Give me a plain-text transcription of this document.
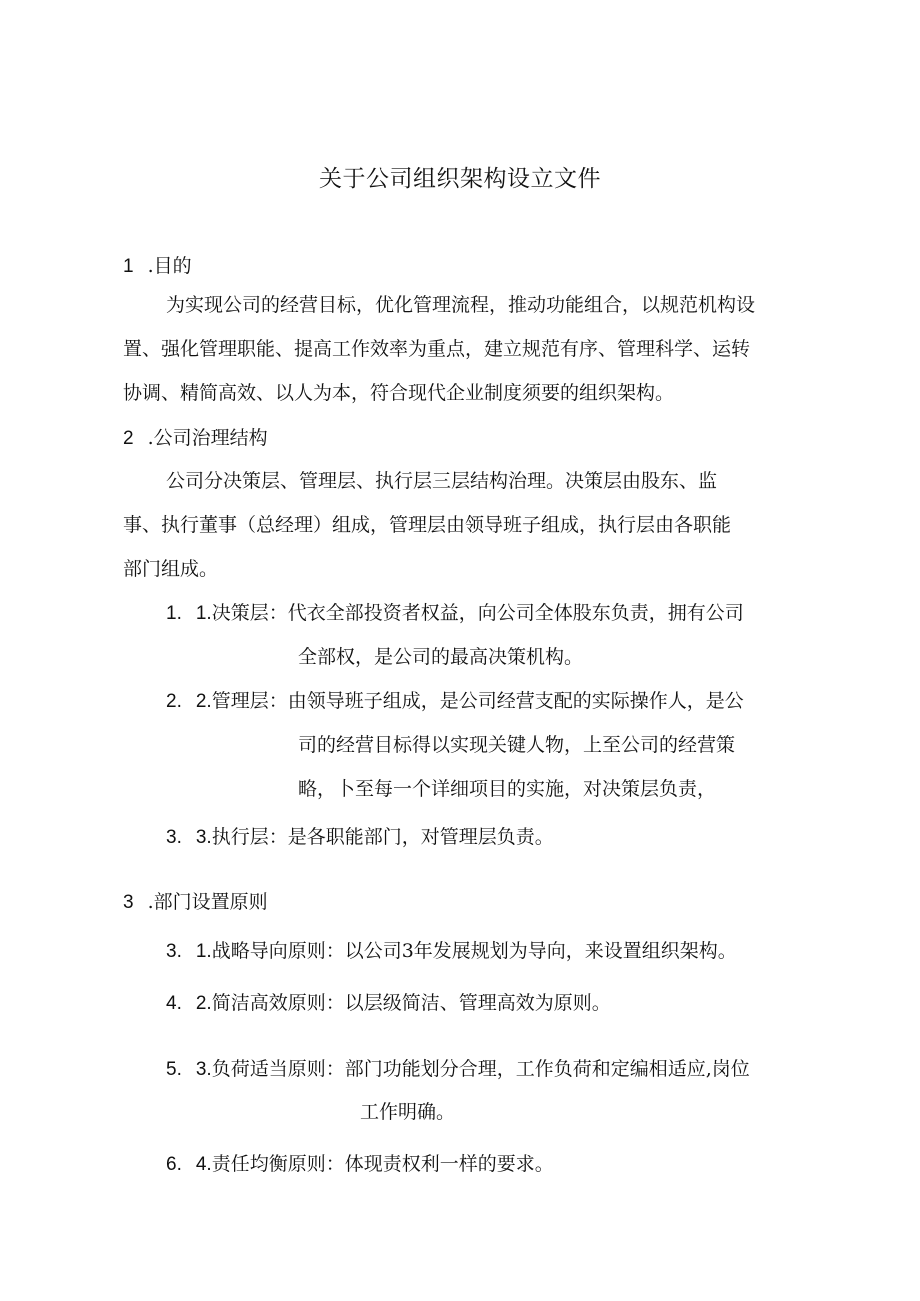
关于公司组织架构设立文件
1 .目的
为实现公司的经营目标，优化管理流程，推动功能组合，以规范机构设
置、强化管理职能、提高工作效率为重点，建立规范有序、管理科学、运转
协调、精简高效、以人为本，符合现代企业制度须要的组织架构。
2 .公司治理结构
公司分决策层、管理层、执行层三层结构治理。决策层由股东、监
事、执行董事（总经理）组成，管理层由领导班子组成，执行层由各职能
部门组成。
1. 1.决策层：代衣全部投资者权益，向公司全体股东负责，拥有公司
全部权，是公司的最高决策机构。
2. 2.管理层：由领导班子组成，是公司经营支配的实际操作人，是公
司的经营目标得以实现关键人物，上至公司的经营策
略，卜至每一个详细项目的实施，对决策层负责，
3. 3.执行层：是各职能部门，对管理层负责。
3 .部门设置原则
3. 1.战略导向原则：以公司3年发展规划为导向，来设置组织架构。
4. 2.简洁高效原则：以层级简洁、管理高效为原则。
5. 3.负荷适当原则：部门功能划分合理，工作负荷和定编相适应,岗位
工作明确。
6. 4.责任均衡原则：体现责权利一样的要求。
